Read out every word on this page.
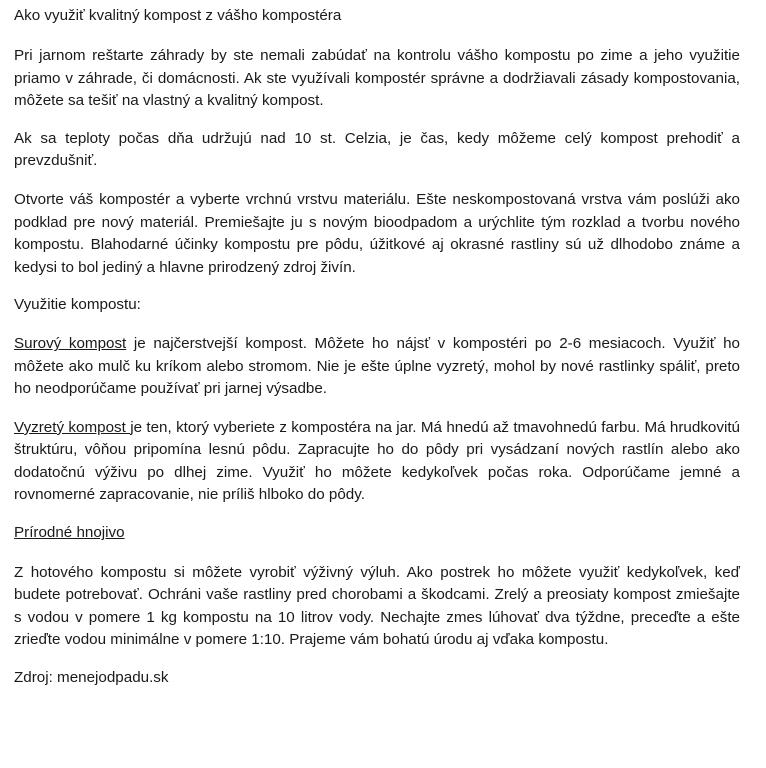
Ako využiť kvalitný kompost z vášho kompostéra

Pri jarnom reštarte záhrady by ste nemali zabúdať na kontrolu vášho kompostu po zime a jeho využitie priamo v záhrade, či domácnosti. Ak ste využívali kompostér správne a dodržiavali zásady kompostovania, môžete sa tešiť na vlastný a kvalitný kompost.

Ak sa teploty počas dňa udržujú nad 10 st. Celzia, je čas, kedy môžeme celý kompost prehodiť a prevzdušniť.

Otvorte váš kompostér a vyberte vrchnú vrstvu materiálu. Ešte neskompostovaná vrstva vám poslúži ako podklad pre nový materiál. Premiešajte ju s novým bioodpadom a urýchlite tým rozklad a tvorbu nového kompostu. Blahodarné účinky kompostu pre pôdu, úžitkové aj okrasné rastliny sú už dlhodobo známe a kedysi to bol jediný a hlavne prirodzený zdroj živín.

Využitie kompostu:

Surový kompost je najčerstvejší kompost. Môžete ho nájsť v kompostéri po 2-6 mesiacoch. Využiť ho môžete ako mulč ku kríkom alebo stromom. Nie je ešte úplne vyzretý, mohol by nové rastlinky spáliť, preto ho neodporúčame používať pri jarnej výsadbe.

Vyzretý kompost je ten, ktorý vyberiete z kompostéra na jar. Má hnedú až tmavohnedú farbu. Má hrudkovitú štruktúru, vôňou pripomína lesnú pôdu. Zapracujte ho do pôdy pri vysádzaní nových rastlín alebo ako dodatočnú výživu po dlhej zime. Využiť ho môžete kedykoľvek počas roka. Odporúčame jemné a rovnomerné zapracovanie, nie príliš hlboko do pôdy.

Prírodné hnojivo

Z hotového kompostu si môžete vyrobiť výživný výluh. Ako postrek ho môžete využiť kedykoľvek, keď budete potrebovať. Ochráni vaše rastliny pred chorobami a škodcami. Zrelý a preosiaty kompost zmiešajte s vodou v pomere 1 kg kompostu na 10 litrov vody. Nechajte zmes lúhovať dva týždne, preceďte a ešte zrieďte vodou minimálne v pomere 1:10. Prajeme vám bohatú úrodu aj vďaka kompostu.

Zdroj: menejodpadu.sk
